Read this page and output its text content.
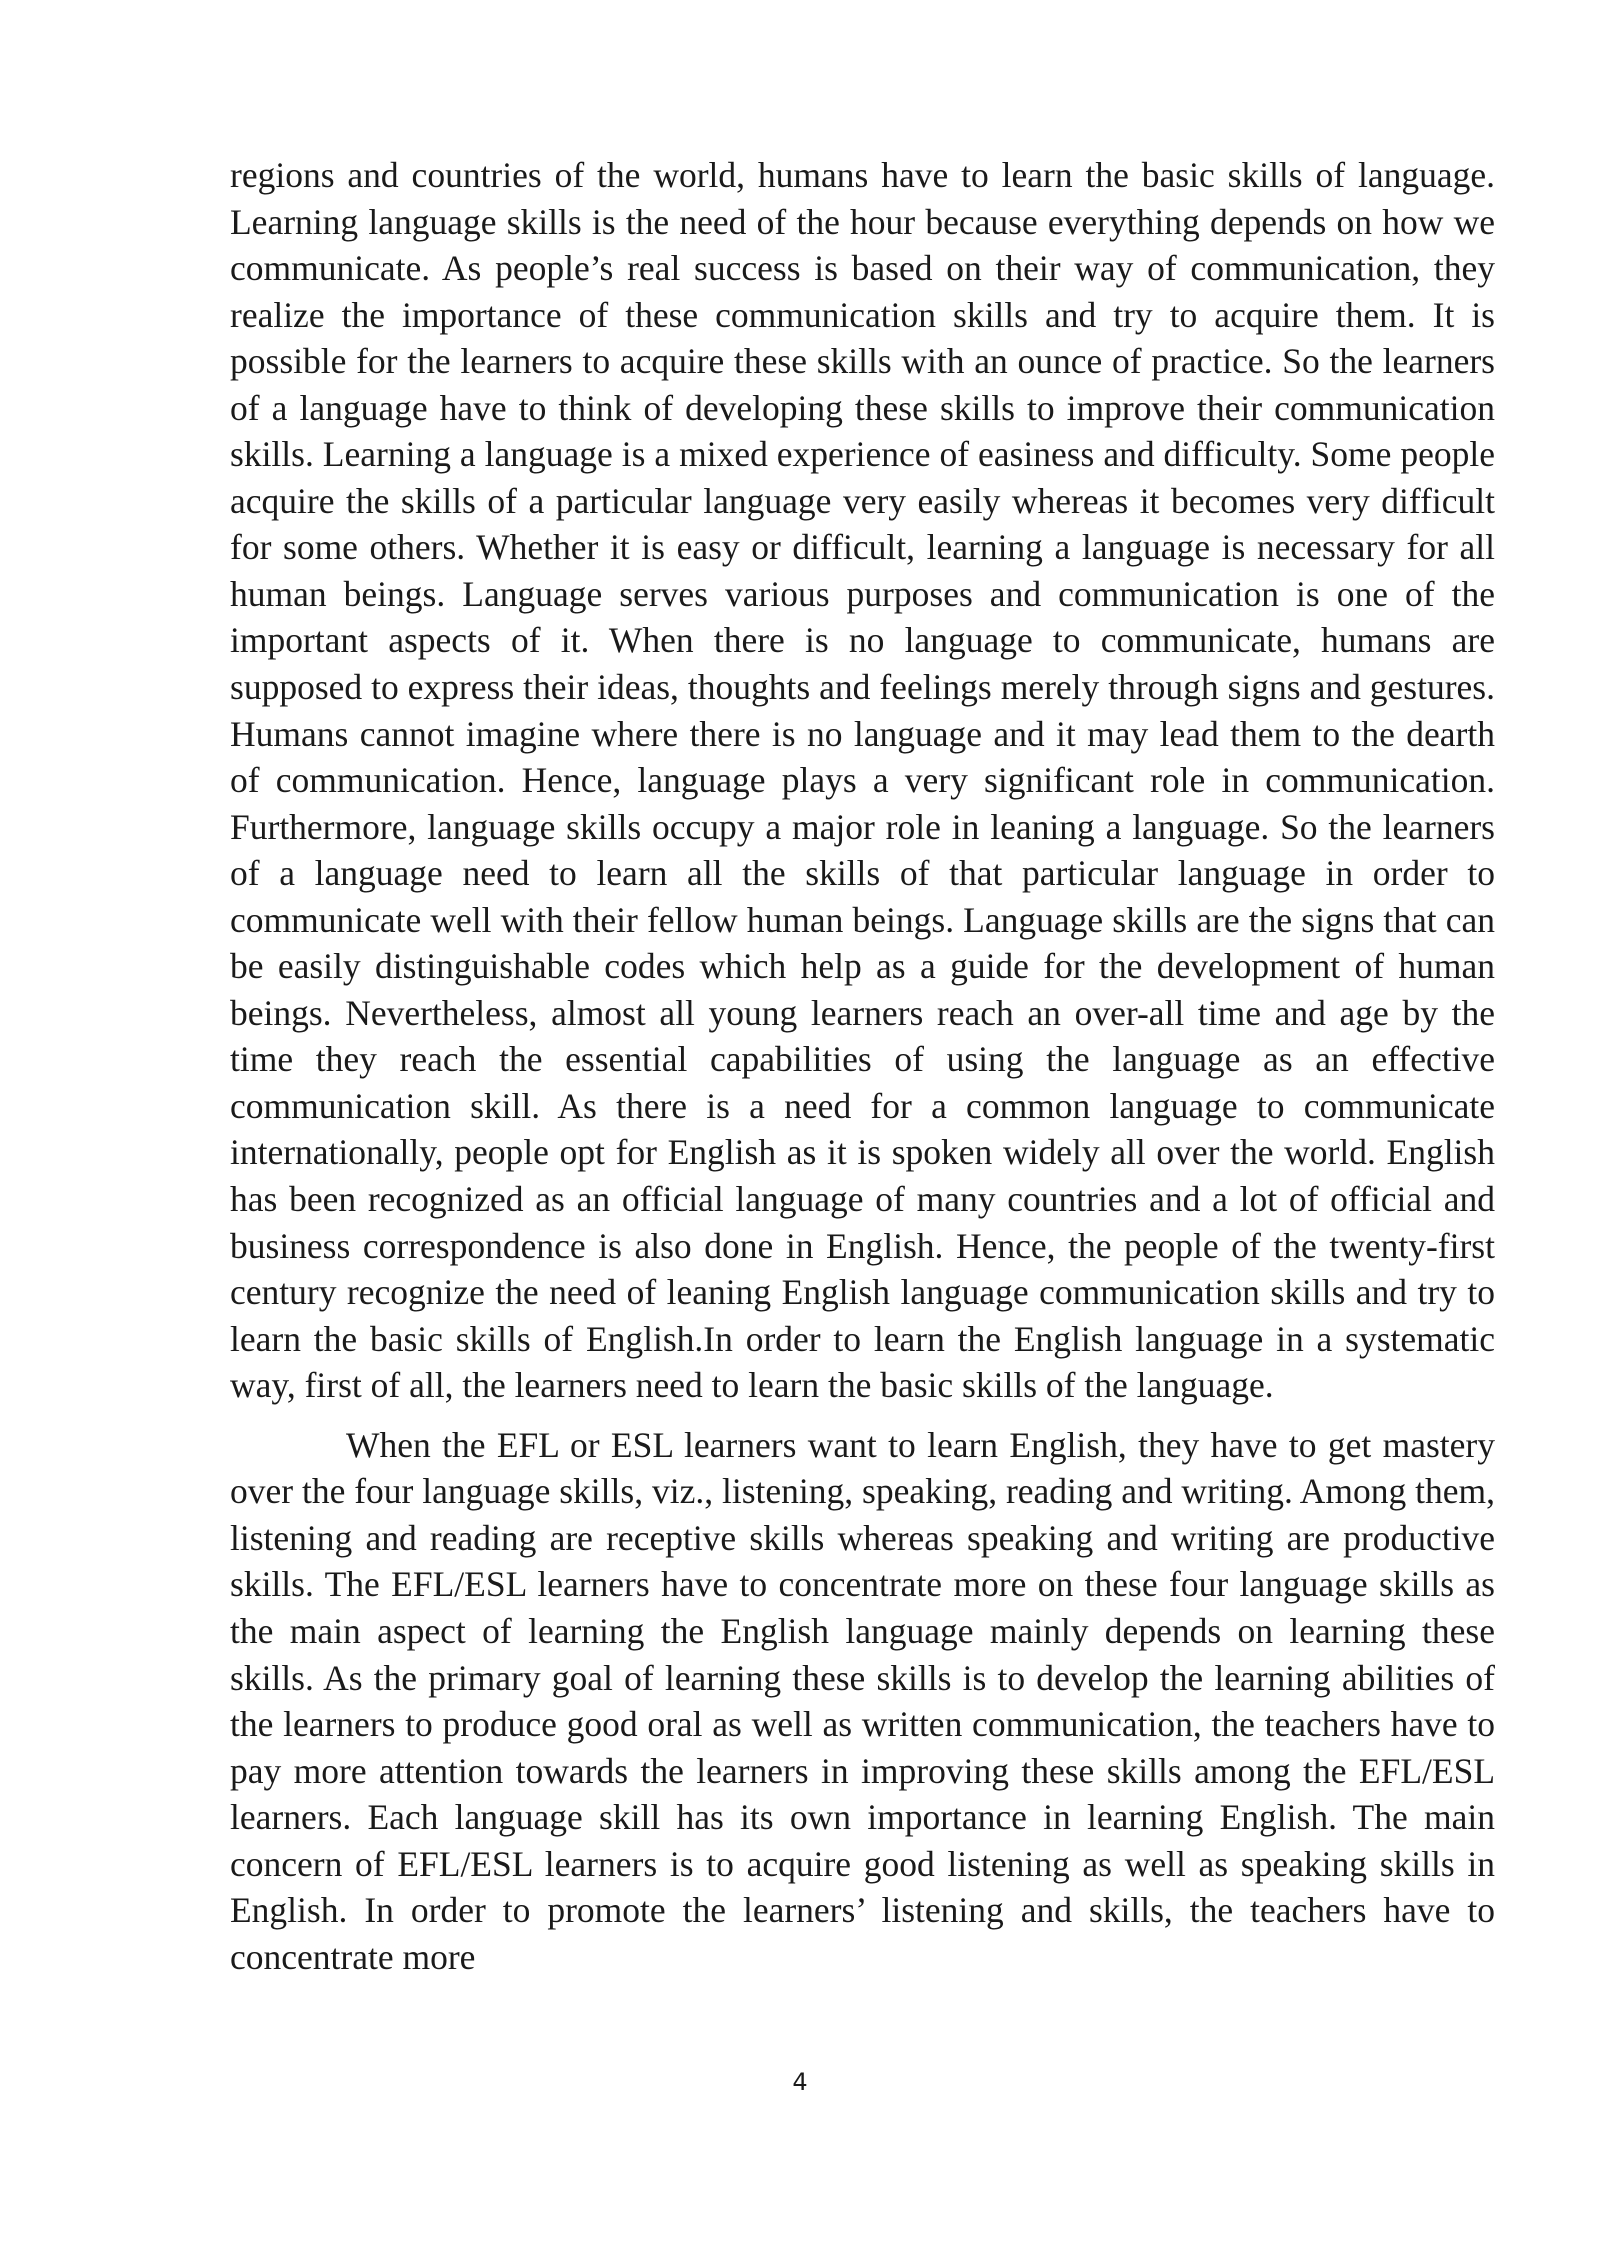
regions and countries of the world, humans have to learn the basic skills of language. Learning language skills is the need of the hour because everything depends on how we communicate. As people’s real success is based on their way of communication, they realize the importance of these communication skills and try to acquire them. It is possible for the learners to acquire these skills with an ounce of practice. So the learners of a language have to think of developing these skills to improve their communication skills. Learning a language is a mixed experience of easiness and difficulty. Some people acquire the skills of a particular language very easily whereas it becomes very difficult for some others. Whether it is easy or difficult, learning a language is necessary for all human beings. Language serves various purposes and communication is one of the important aspects of it. When there is no language to communicate, humans are supposed to express their ideas, thoughts and feelings merely through signs and gestures. Humans cannot imagine where there is no language and it may lead them to the dearth of communication. Hence, language plays a very significant role in communication. Furthermore, language skills occupy a major role in leaning a language. So the learners of a language need to learn all the skills of that particular language in order to communicate well with their fellow human beings. Language skills are the signs that can be easily distinguishable codes which help as a guide for the development of human beings. Nevertheless, almost all young learners reach an over-all time and age by the time they reach the essential capabilities of using the language as an effective communication skill. As there is a need for a common language to communicate internationally, people opt for English as it is spoken widely all over the world. English has been recognized as an official language of many countries and a lot of official and business correspondence is also done in English. Hence, the people of the twenty-first century recognize the need of leaning English language communication skills and try to learn the basic skills of English.In order to learn the English language in a systematic way, first of all, the learners need to learn the basic skills of the language.

When the EFL or ESL learners want to learn English, they have to get mastery over the four language skills, viz., listening, speaking, reading and writing. Among them, listening and reading are receptive skills whereas speaking and writing are productive skills. The EFL/ESL learners have to concentrate more on these four language skills as the main aspect of learning the English language mainly depends on learning these skills. As the primary goal of learning these skills is to develop the learning abilities of the learners to produce good oral as well as written communication, the teachers have to pay more attention towards the learners in improving these skills among the EFL/ESL learners. Each language skill has its own importance in learning English. The main concern of EFL/ESL learners is to acquire good listening as well as speaking skills in English. In order to promote the learners’ listening and skills, the teachers have to concentrate more

4
